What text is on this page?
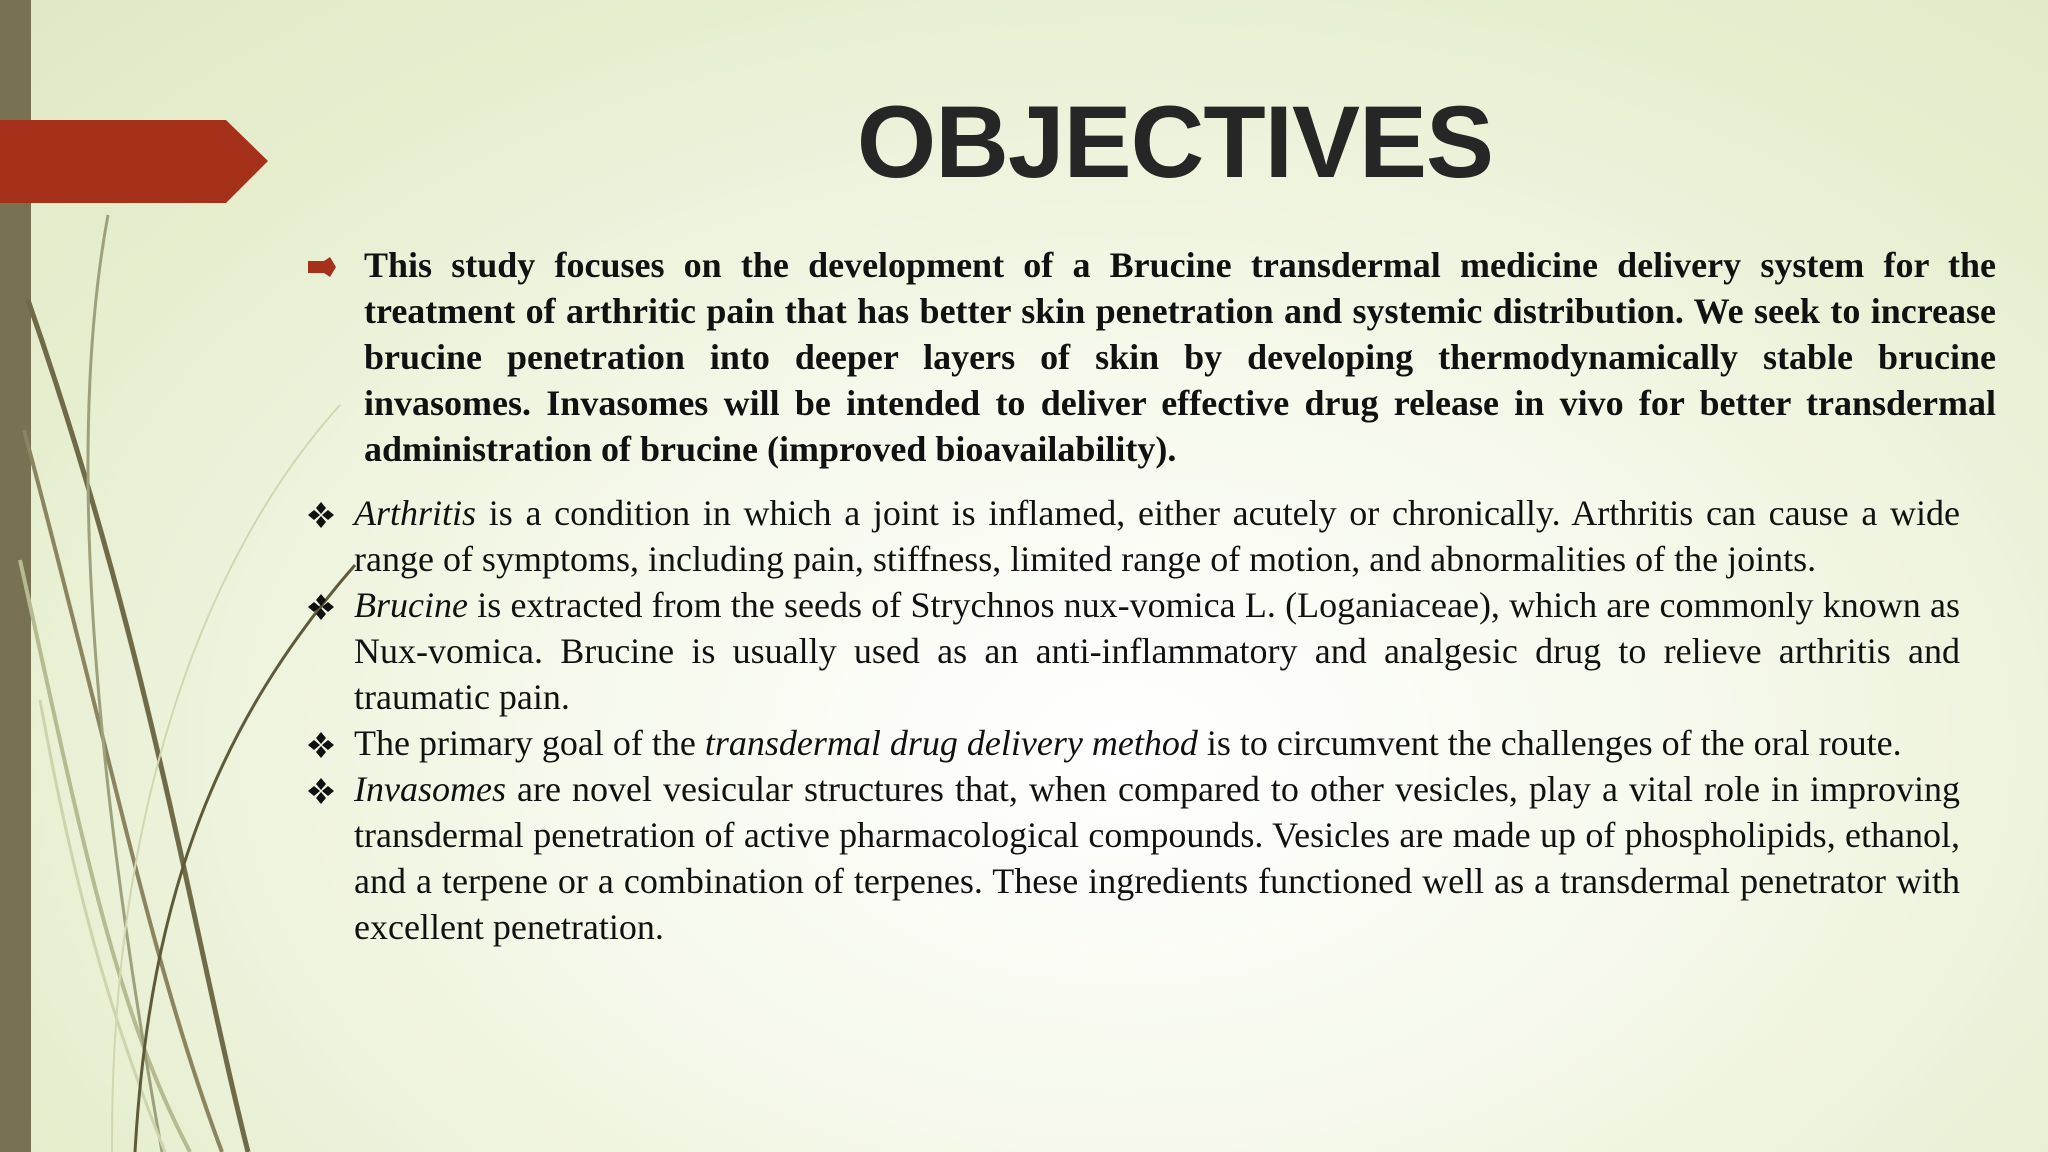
OBJECTIVES
This study focuses on the development of a Brucine transdermal medicine delivery system for the treatment of arthritic pain that has better skin penetration and systemic distribution. We seek to increase brucine penetration into deeper layers of skin by developing thermodynamically stable brucine invasomes. Invasomes will be intended to deliver effective drug release in vivo for better transdermal administration of brucine (improved bioavailability).
Arthritis is a condition in which a joint is inflamed, either acutely or chronically. Arthritis can cause a wide range of symptoms, including pain, stiffness, limited range of motion, and abnormalities of the joints.
Brucine is extracted from the seeds of Strychnos nux-vomica L. (Loganiaceae), which are commonly known as Nux-vomica. Brucine is usually used as an anti-inflammatory and analgesic drug to relieve arthritis and traumatic pain.
The primary goal of the transdermal drug delivery method is to circumvent the challenges of the oral route.
Invasomes are novel vesicular structures that, when compared to other vesicles, play a vital role in improving transdermal penetration of active pharmacological compounds. Vesicles are made up of phospholipids, ethanol, and a terpene or a combination of terpenes. These ingredients functioned well as a transdermal penetrator with excellent penetration.
